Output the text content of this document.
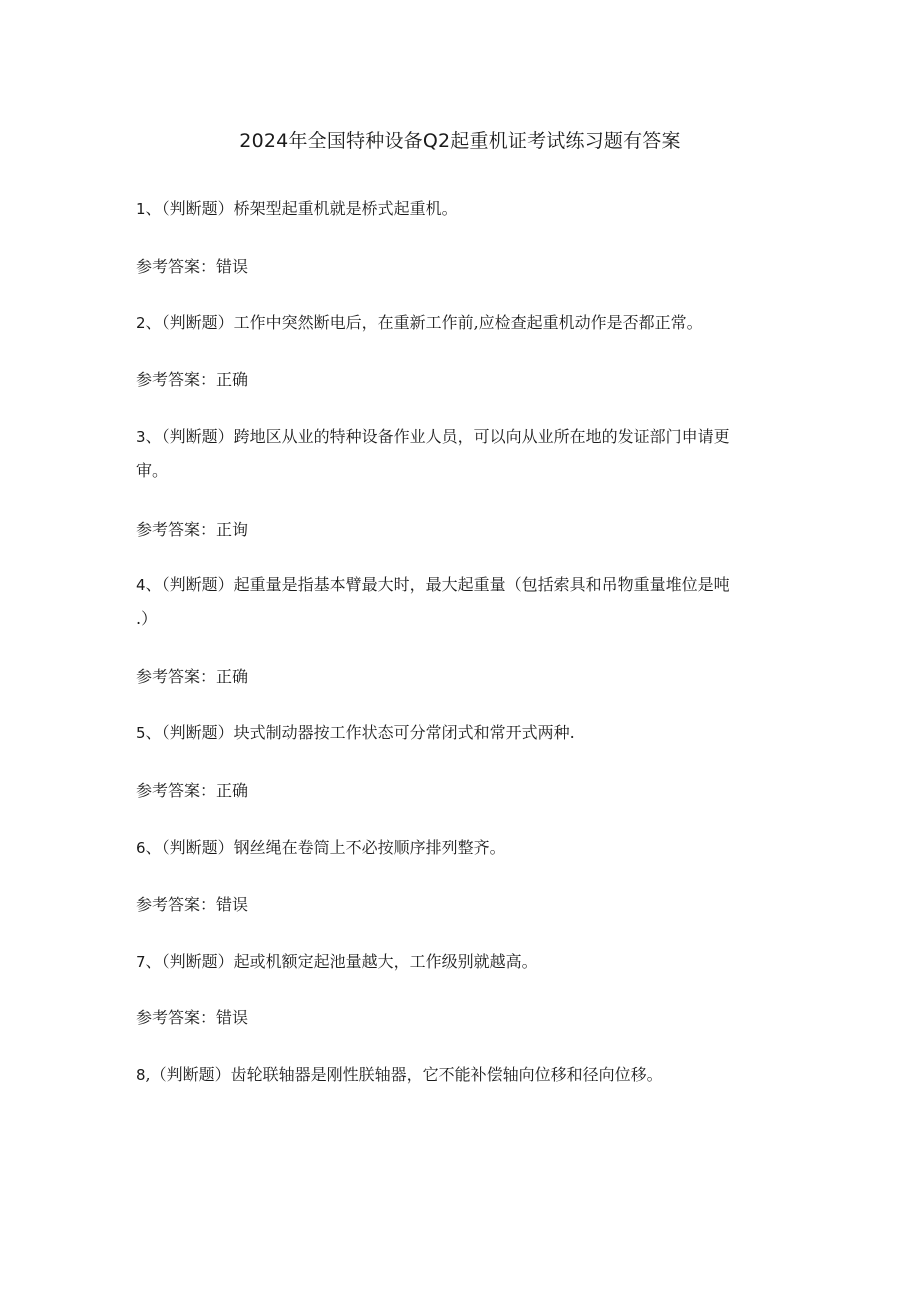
2024年全国特种设备Q2起重机证考试练习题有答案
1、（判断题）桥架型起重机就是桥式起重机。
参考答案：错误
2、（判断题）工作中突然断电后，在重新工作前,应检查起重机动作是否都正常。
参考答案：正确
3、（判断题）跨地区从业的特种设备作业人员，可以向从业所在地的发证部门申请更
审。
参考答案：正询
4、（判断题）起重量是指基本臂最大时，最大起重量（包括索具和吊物重量堆位是吨
.）
参考答案：正确
5、（判断题）块式制动器按工作状态可分常闭式和常开式两种.
参考答案：正确
6、（判断题）钢丝绳在卷筒上不必按顺序排列整齐。
参考答案：错误
7、（判断题）起或机额定起池量越大，工作级别就越高。
参考答案：错误
8,（判断题）齿轮联轴器是刚性朕轴器，它不能补偿轴向位移和径向位移。
